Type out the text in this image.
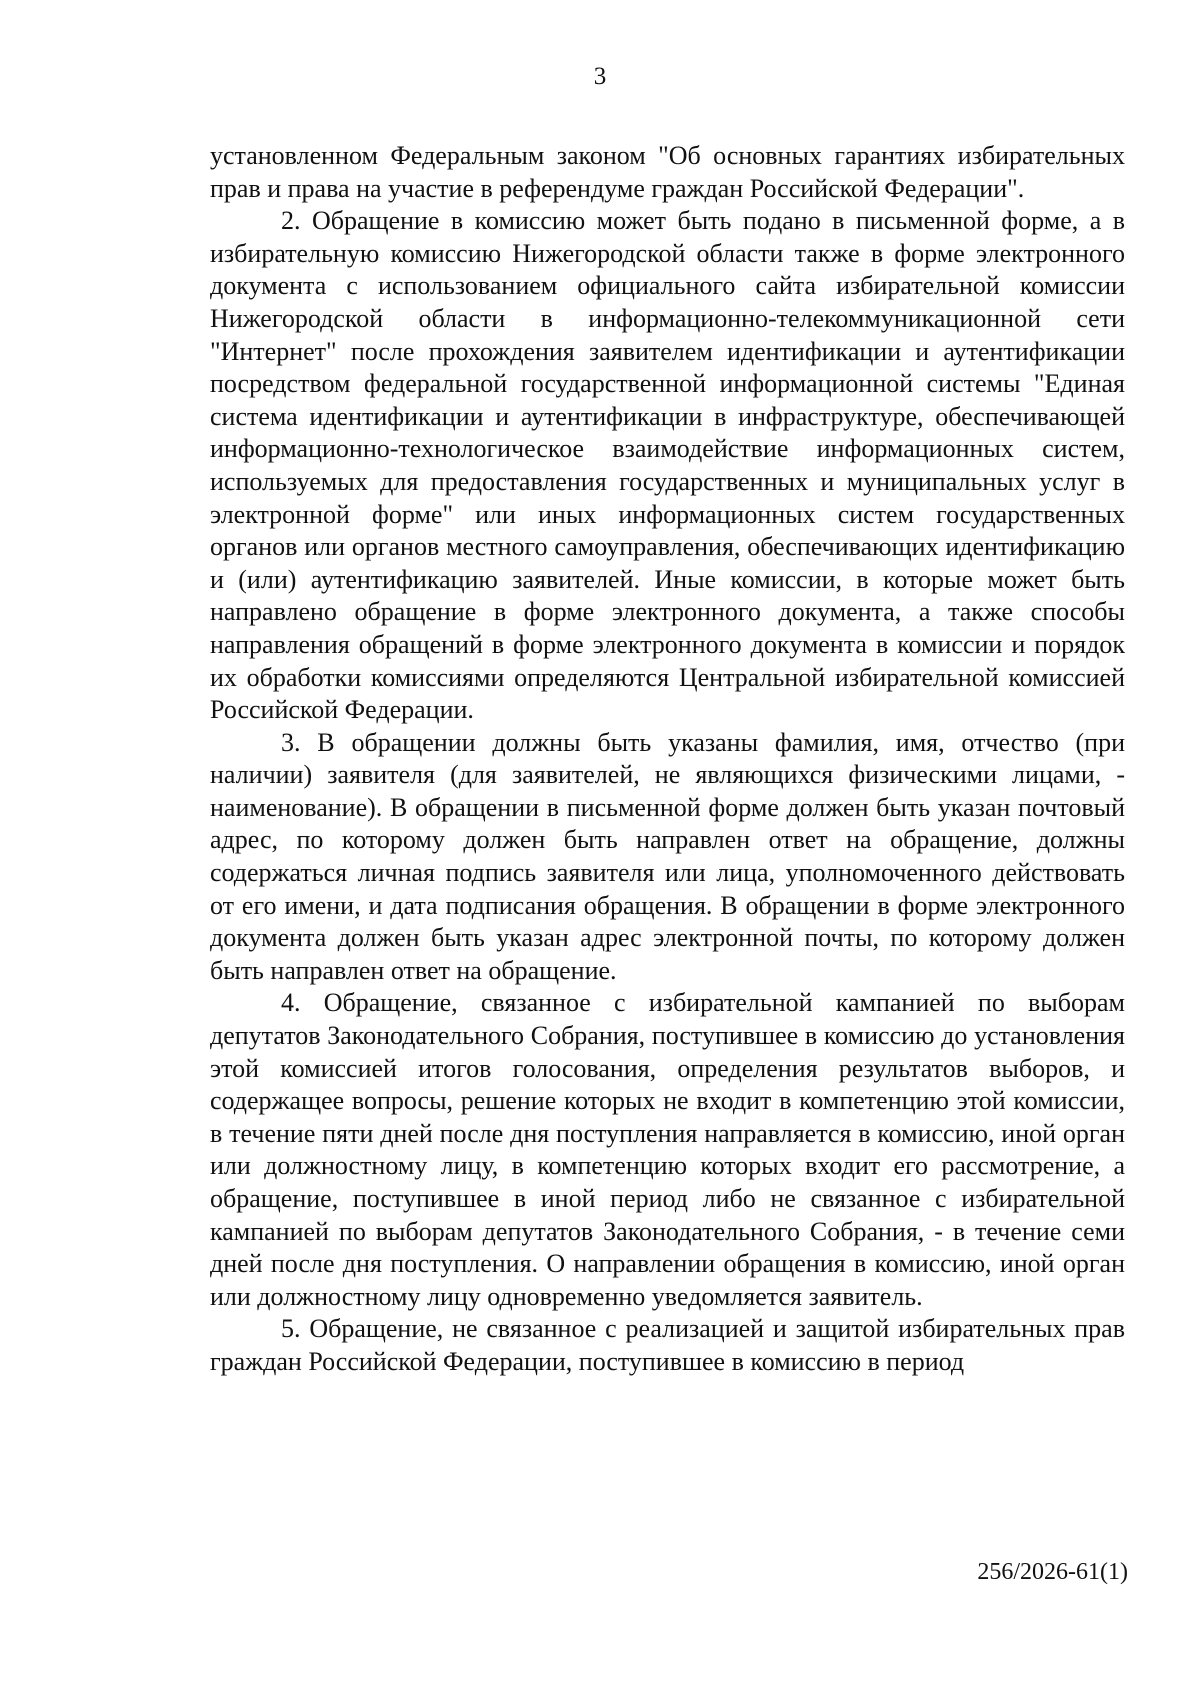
3

установленном Федеральным законом "Об основных гарантиях избирательных прав и права на участие в референдуме граждан Российской Федерации".

2. Обращение в комиссию может быть подано в письменной форме, а в избирательную комиссию Нижегородской области также в форме электронного документа с использованием официального сайта избирательной комиссии Нижегородской области в информационно-телекоммуникационной сети "Интернет" после прохождения заявителем идентификации и аутентификации посредством федеральной государственной информационной системы "Единая система идентификации и аутентификации в инфраструктуре, обеспечивающей информационно-технологическое взаимодействие информационных систем, используемых для предоставления государственных и муниципальных услуг в электронной форме" или иных информационных систем государственных органов или органов местного самоуправления, обеспечивающих идентификацию и (или) аутентификацию заявителей. Иные комиссии, в которые может быть направлено обращение в форме электронного документа, а также способы направления обращений в форме электронного документа в комиссии и порядок их обработки комиссиями определяются Центральной избирательной комиссией Российской Федерации.

3. В обращении должны быть указаны фамилия, имя, отчество (при наличии) заявителя (для заявителей, не являющихся физическими лицами, - наименование). В обращении в письменной форме должен быть указан почтовый адрес, по которому должен быть направлен ответ на обращение, должны содержаться личная подпись заявителя или лица, уполномоченного действовать от его имени, и дата подписания обращения. В обращении в форме электронного документа должен быть указан адрес электронной почты, по которому должен быть направлен ответ на обращение.

4. Обращение, связанное с избирательной кампанией по выборам депутатов Законодательного Собрания, поступившее в комиссию до установления этой комиссией итогов голосования, определения результатов выборов, и содержащее вопросы, решение которых не входит в компетенцию этой комиссии, в течение пяти дней после дня поступления направляется в комиссию, иной орган или должностному лицу, в компетенцию которых входит его рассмотрение, а обращение, поступившее в иной период либо не связанное с избирательной кампанией по выборам депутатов Законодательного Собрания, - в течение семи дней после дня поступления. О направлении обращения в комиссию, иной орган или должностному лицу одновременно уведомляется заявитель.

5. Обращение, не связанное с реализацией и защитой избирательных прав граждан Российской Федерации, поступившее в комиссию в период

256/2026-61(1)
